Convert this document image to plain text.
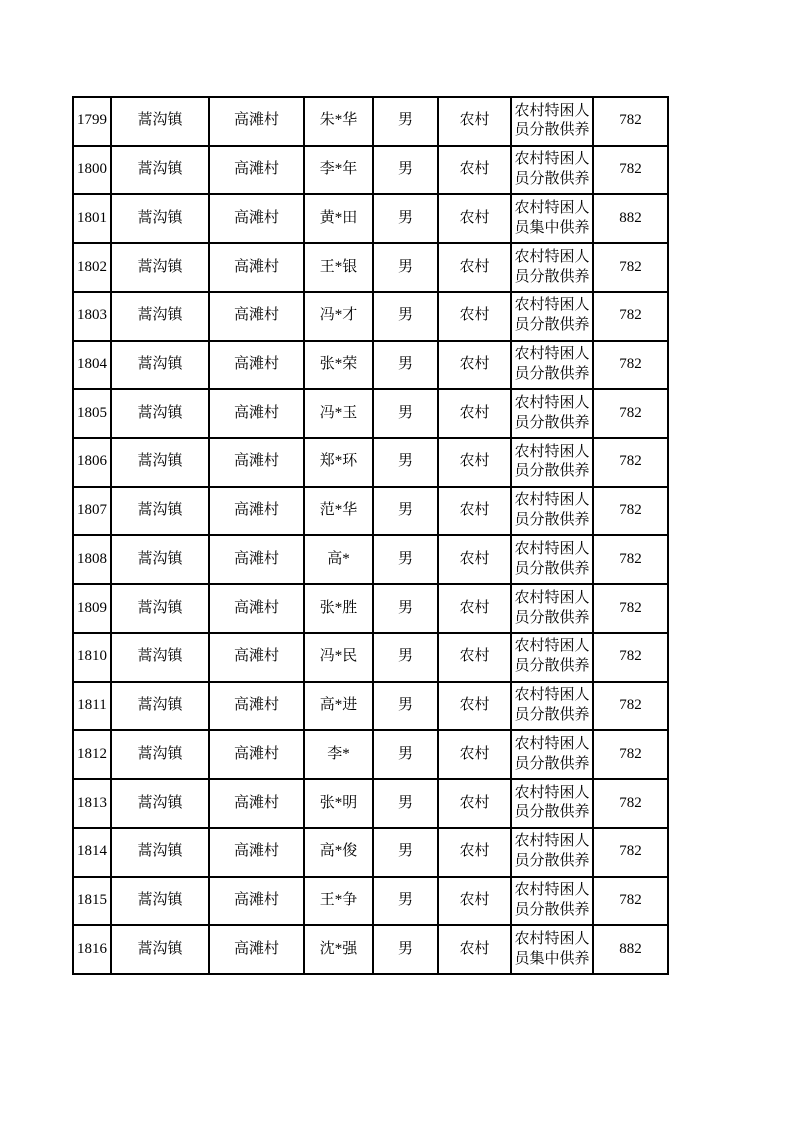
1799	蒿沟镇	高滩村	朱*华	男	农村	农村特困人员分散供养	782
1800	蒿沟镇	高滩村	李*年	男	农村	农村特困人员分散供养	782
1801	蒿沟镇	高滩村	黄*田	男	农村	农村特困人员集中供养	882
1802	蒿沟镇	高滩村	王*银	男	农村	农村特困人员分散供养	782
1803	蒿沟镇	高滩村	冯*才	男	农村	农村特困人员分散供养	782
1804	蒿沟镇	高滩村	张*荣	男	农村	农村特困人员分散供养	782
1805	蒿沟镇	高滩村	冯*玉	男	农村	农村特困人员分散供养	782
1806	蒿沟镇	高滩村	郑*环	男	农村	农村特困人员分散供养	782
1807	蒿沟镇	高滩村	范*华	男	农村	农村特困人员分散供养	782
1808	蒿沟镇	高滩村	高*	男	农村	农村特困人员分散供养	782
1809	蒿沟镇	高滩村	张*胜	男	农村	农村特困人员分散供养	782
1810	蒿沟镇	高滩村	冯*民	男	农村	农村特困人员分散供养	782
1811	蒿沟镇	高滩村	高*进	男	农村	农村特困人员分散供养	782
1812	蒿沟镇	高滩村	李*	男	农村	农村特困人员分散供养	782
1813	蒿沟镇	高滩村	张*明	男	农村	农村特困人员分散供养	782
1814	蒿沟镇	高滩村	高*俊	男	农村	农村特困人员分散供养	782
1815	蒿沟镇	高滩村	王*争	男	农村	农村特困人员分散供养	782
1816	蒿沟镇	高滩村	沈*强	男	农村	农村特困人员集中供养	882
